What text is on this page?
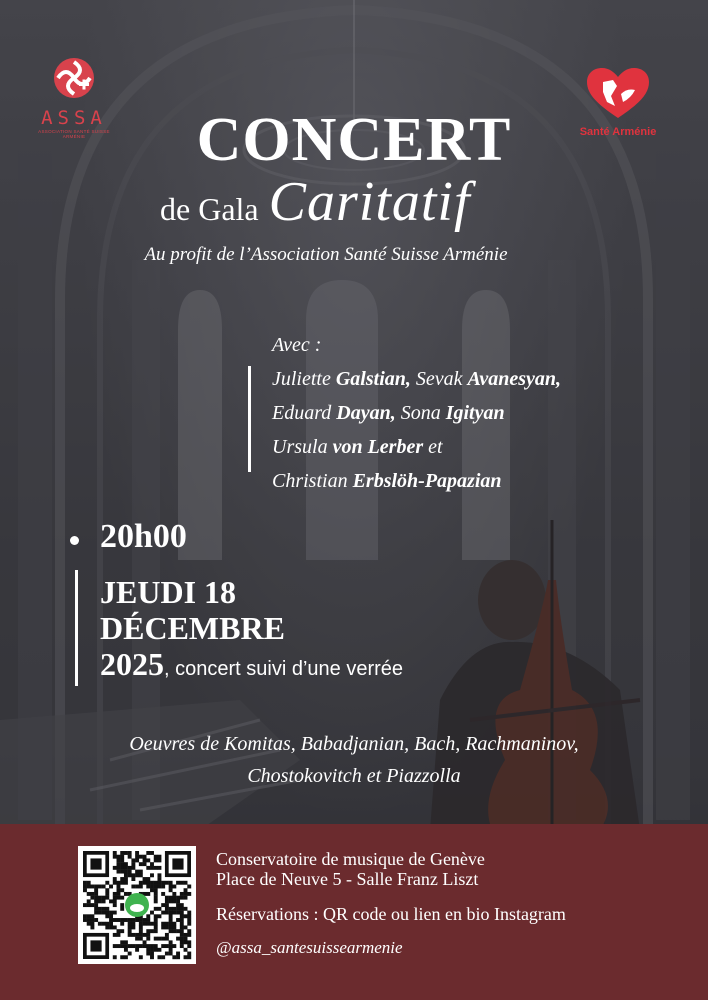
ASSA
ASSOCIATION SANTÉ SUISSE ARMÉNIE	Santé Arménie
CONCERT
de Gala Caritatif
Au profit de l’Association Santé Suisse Arménie
Avec :
Juliette Galstian, Sevak Avanesyan,
Eduard Dayan, Sona Igityan
Ursula von Lerber et
Christian Erbslöh-Papazian
20h00
JEUDI 18
DÉCEMBRE
2025, concert suivi d’une verrée
Oeuvres de Komitas, Babadjanian, Bach, Rachmaninov,
Chostokovitch et Piazzolla
Conservatoire de musique de Genève
Place de Neuve 5 - Salle Franz Liszt
Réservations : QR code ou lien en bio Instagram
@assa_santesuissearmenie
